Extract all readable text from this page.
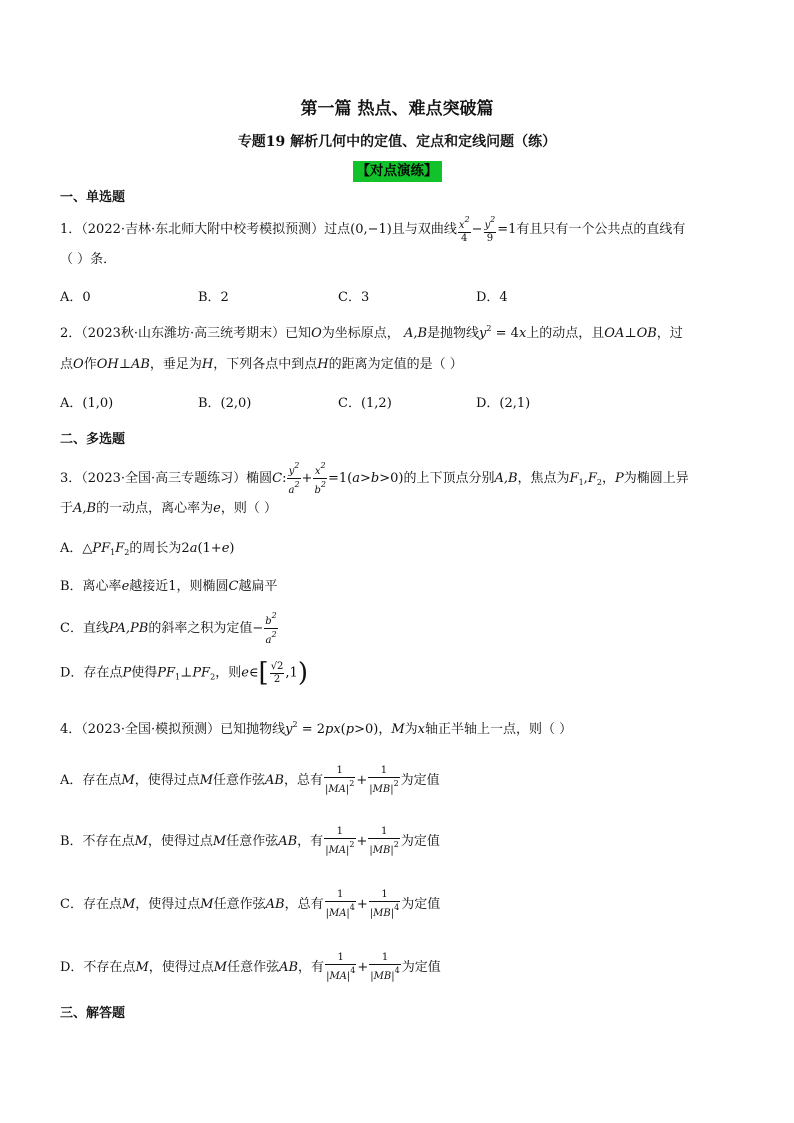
第一篇 热点、难点突破篇
专题19 解析几何中的定值、定点和定线问题（练）
【对点演练】
一、单选题
1．（2022·吉林·东北师大附中校考模拟预测）过点(0,−1)且与双曲线 $\frac{x^2}{4} - \frac{y^2}{9} =1$有且只有一个公共点的直线有
（ ）条．
A．0	B．2	C．3	D．4
2．（2023秋·山东潍坊·高三统考期末）已知O为坐标原点， A,B是抛物线$y^2 = 4x$上的动点，且OA⊥OB，过
点O作OH⊥AB，垂足为H，下列各点中到点H的距离为定值的是（ ）
A．(1,0)	B．(2,0)	C．(1,2)	D．(2,1)
二、多选题
3．（2023·全国·高三专题练习）椭圆C: $\frac{y^2}{a^2} + \frac{x^2}{b^2} =1(a>b>0)$的上下顶点分别A,B，焦点为$F_1,F_2$，P为椭圆上异
于A,B的一动点，离心率为e，则（ ）
A．$\triangle PF_1F_2$的周长为2a(1+e)
B．离心率e越接近1，则椭圆C越扁平
C．直线PA,PB的斜率之积为定值− $\frac{b^2}{a^2}$
D．存在点P使得$PF_1\perp PF_2$，则e∈[ $\frac{√2}{2} ,1$)
4．（2023·全国·模拟预测）已知抛物线$y^2 = 2px(p>0)$，M为x轴正半轴上一点，则（ ）
A．存在点M，使得过点M任意作弦AB，总有 $\frac{1}{|MA|^2} + \frac{1}{|MB|^2}$ 为定值
B．不存在点M，使得过点M任意作弦AB，有 $\frac{1}{|MA|^2} + \frac{1}{|MB|^2}$ 为定值
C．存在点M，使得过点M任意作弦AB，总有 $\frac{1}{|MA|^4} + \frac{1}{|MB|^4}$ 为定值
D．不存在点M，使得过点M任意作弦AB，有 $\frac{1}{|MA|^4} + \frac{1}{|MB|^4}$ 为定值
三、解答题
